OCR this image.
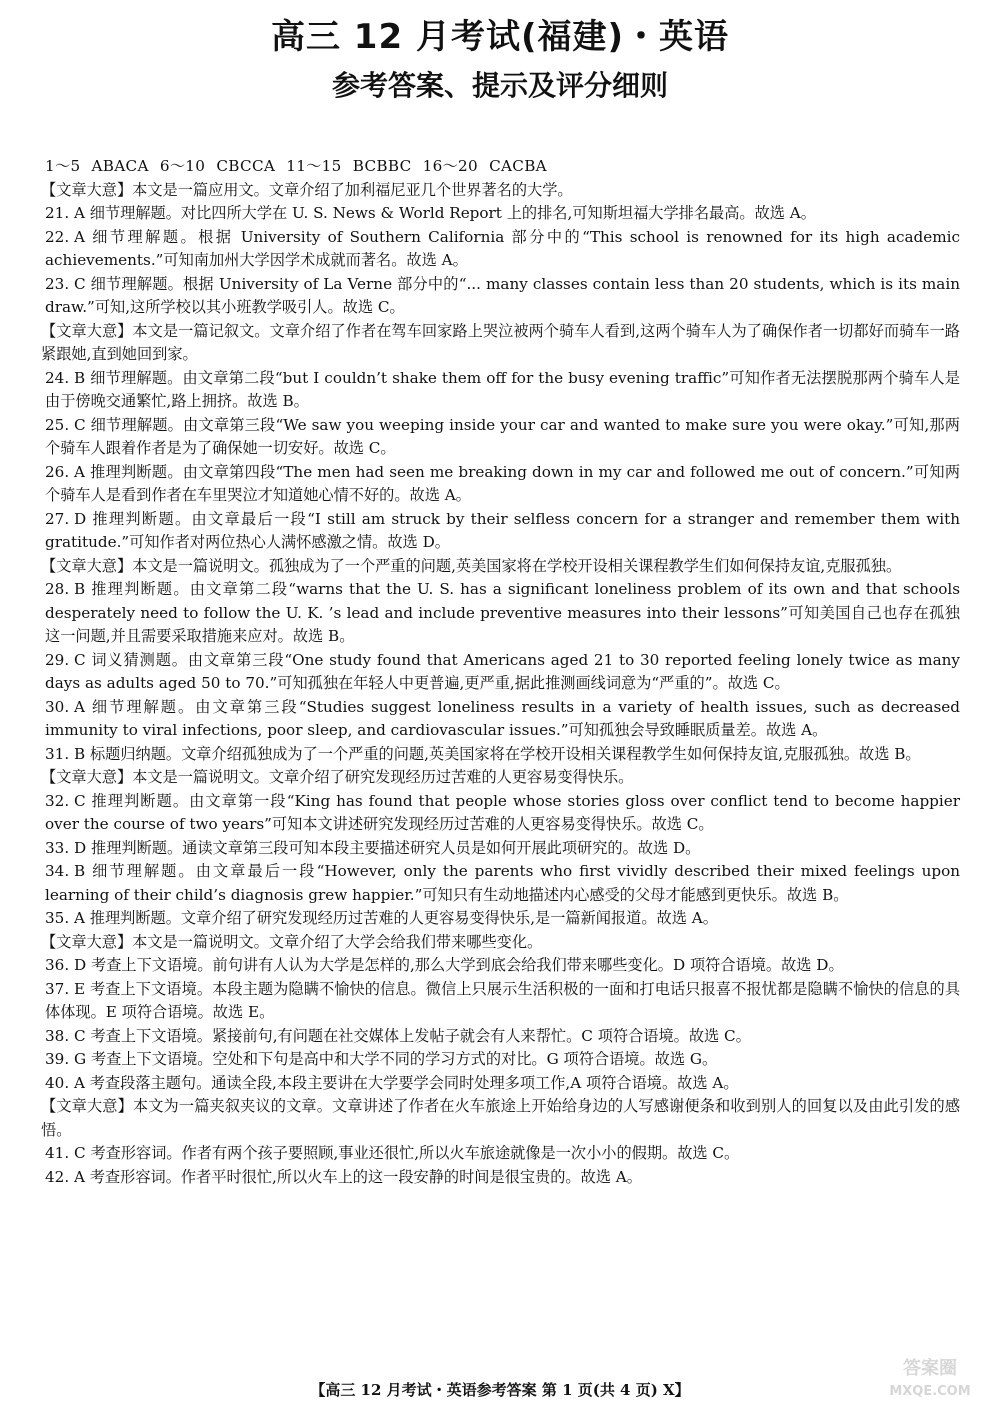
高三 12 月考试(福建)・英语
参考答案、提示及评分细则

1～5 ABACA 6～10 CBCCA 11～15 BCBBC 16～20 CACBA

【文章大意】本文是一篇应用文。文章介绍了加利福尼亚几个世界著名的大学。

21. A 细节理解题。对比四所大学在 U. S. News & World Report 上的排名,可知斯坦福大学排名最高。故选 A。

22. A 细节理解题。根据 University of Southern California 部分中的“This school is renowned for its high academic achievements.”可知南加州大学因学术成就而著名。故选 A。

23. C 细节理解题。根据 University of La Verne 部分中的“... many classes contain less than 20 students, which is its main draw.”可知,这所学校以其小班教学吸引人。故选 C。

【文章大意】本文是一篇记叙文。文章介绍了作者在驾车回家路上哭泣被两个骑车人看到,这两个骑车人为了确保作者一切都好而骑车一路紧跟她,直到她回到家。

24. B 细节理解题。由文章第二段“but I couldn’t shake them off for the busy evening traffic”可知作者无法摆脱那两个骑车人是由于傍晚交通繁忙,路上拥挤。故选 B。

25. C 细节理解题。由文章第三段“We saw you weeping inside your car and wanted to make sure you were okay.”可知,那两个骑车人跟着作者是为了确保她一切安好。故选 C。

26. A 推理判断题。由文章第四段“The men had seen me breaking down in my car and followed me out of concern.”可知两个骑车人是看到作者在车里哭泣才知道她心情不好的。故选 A。

27. D 推理判断题。由文章最后一段“I still am struck by their selfless concern for a stranger and remember them with gratitude.”可知作者对两位热心人满怀感激之情。故选 D。

【文章大意】本文是一篇说明文。孤独成为了一个严重的问题,英美国家将在学校开设相关课程教学生们如何保持友谊,克服孤独。

28. B 推理判断题。由文章第二段“warns that the U. S. has a significant loneliness problem of its own and that schools desperately need to follow the U. K. ’s lead and include preventive measures into their lessons”可知美国自己也存在孤独这一问题,并且需要采取措施来应对。故选 B。

29. C 词义猜测题。由文章第三段“One study found that Americans aged 21 to 30 reported feeling lonely twice as many days as adults aged 50 to 70.”可知孤独在年轻人中更普遍,更严重,据此推测画线词意为“严重的”。故选 C。

30. A 细节理解题。由文章第三段“Studies suggest loneliness results in a variety of health issues, such as decreased immunity to viral infections, poor sleep, and cardiovascular issues.”可知孤独会导致睡眠质量差。故选 A。

31. B 标题归纳题。文章介绍孤独成为了一个严重的问题,英美国家将在学校开设相关课程教学生如何保持友谊,克服孤独。故选 B。

【文章大意】本文是一篇说明文。文章介绍了研究发现经历过苦难的人更容易变得快乐。

32. C 推理判断题。由文章第一段“King has found that people whose stories gloss over conflict tend to become happier over the course of two years”可知本文讲述研究发现经历过苦难的人更容易变得快乐。故选 C。

33. D 推理判断题。通读文章第三段可知本段主要描述研究人员是如何开展此项研究的。故选 D。

34. B 细节理解题。由文章最后一段“However, only the parents who first vividly described their mixed feelings upon learning of their child’s diagnosis grew happier.”可知只有生动地描述内心感受的父母才能感到更快乐。故选 B。

35. A 推理判断题。文章介绍了研究发现经历过苦难的人更容易变得快乐,是一篇新闻报道。故选 A。

【文章大意】本文是一篇说明文。文章介绍了大学会给我们带来哪些变化。

36. D 考查上下文语境。前句讲有人认为大学是怎样的,那么大学到底会给我们带来哪些变化。D 项符合语境。故选 D。

37. E 考查上下文语境。本段主题为隐瞒不愉快的信息。微信上只展示生活积极的一面和打电话只报喜不报忧都是隐瞒不愉快的信息的具体体现。E 项符合语境。故选 E。

38. C 考查上下文语境。紧接前句,有问题在社交媒体上发帖子就会有人来帮忙。C 项符合语境。故选 C。

39. G 考查上下文语境。空处和下句是高中和大学不同的学习方式的对比。G 项符合语境。故选 G。

40. A 考查段落主题句。通读全段,本段主要讲在大学要学会同时处理多项工作,A 项符合语境。故选 A。

【文章大意】本文为一篇夹叙夹议的文章。文章讲述了作者在火车旅途上开始给身边的人写感谢便条和收到别人的回复以及由此引发的感悟。

41. C 考查形容词。作者有两个孩子要照顾,事业还很忙,所以火车旅途就像是一次小小的假期。故选 C。

42. A 考查形容词。作者平时很忙,所以火车上的这一段安静的时间是很宝贵的。故选 A。

【高三 12 月考试・英语参考答案 第 1 页(共 4 页) X】
答案圈
MXQE.COM
